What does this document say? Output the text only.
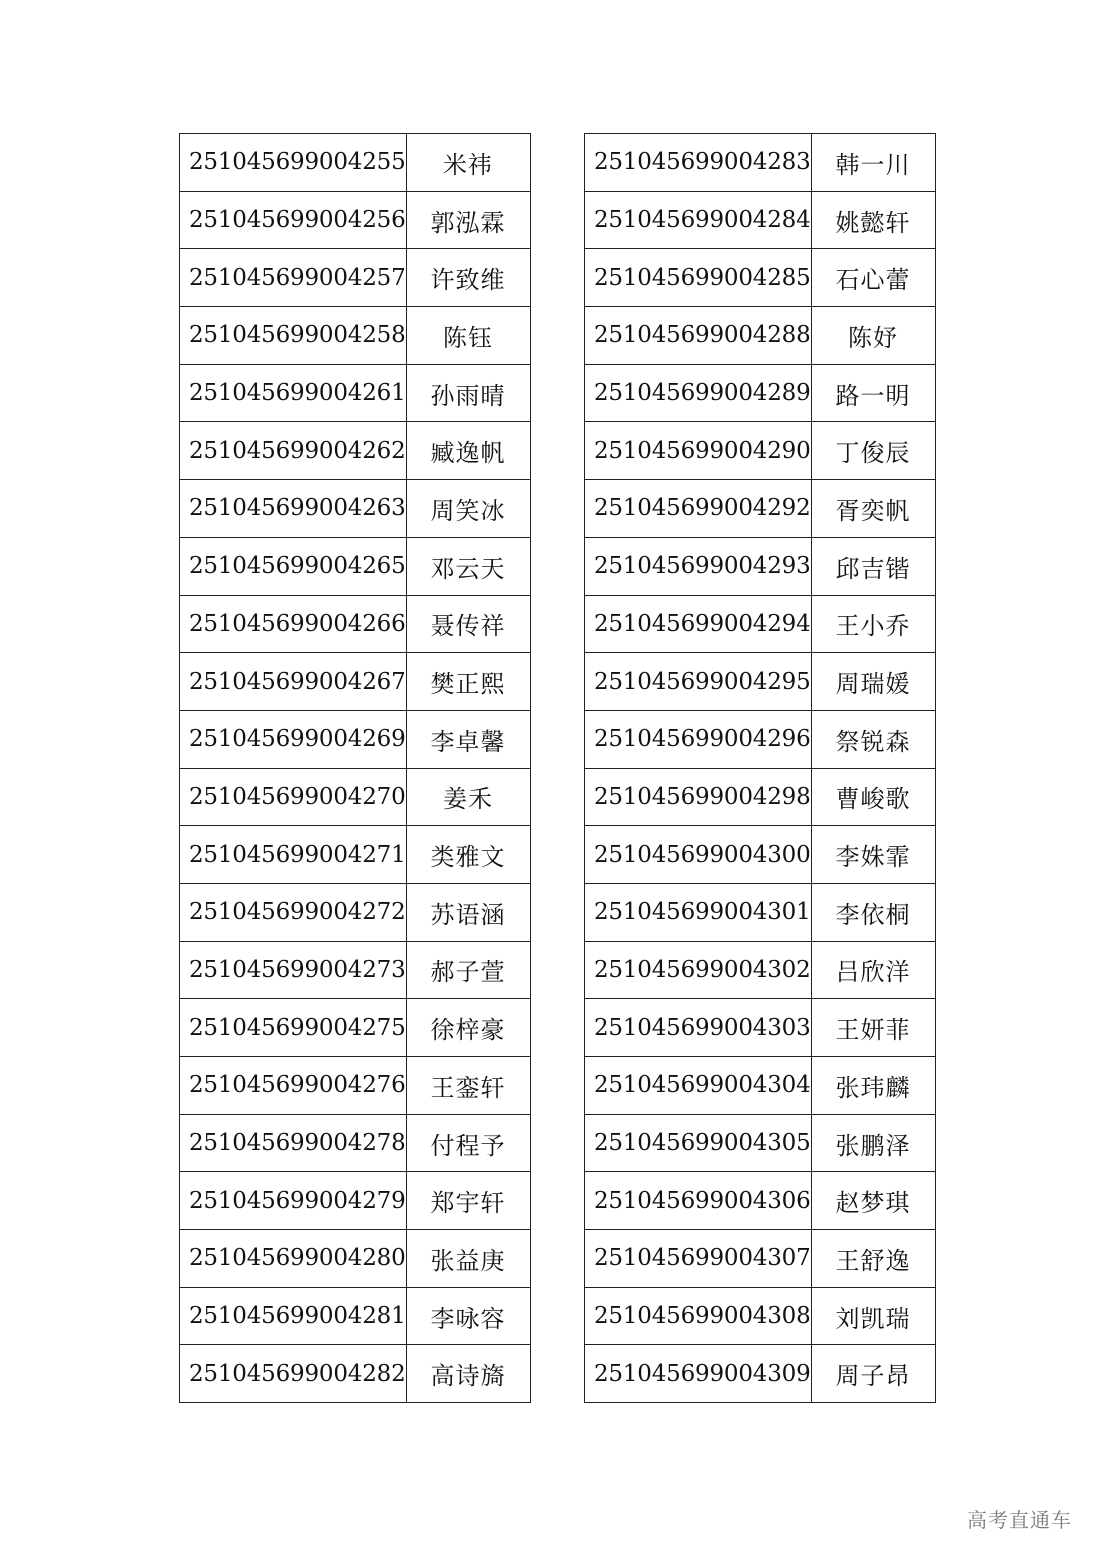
251045699004255	米祎
251045699004256	郭泓霖
251045699004257	许致维
251045699004258	陈钰
251045699004261	孙雨晴
251045699004262	臧逸帆
251045699004263	周笑冰
251045699004265	邓云天
251045699004266	聂传祥
251045699004267	樊正熙
251045699004269	李卓馨
251045699004270	姜禾
251045699004271	类雅文
251045699004272	苏语涵
251045699004273	郝子萱
251045699004275	徐梓豪
251045699004276	王銮轩
251045699004278	付程予
251045699004279	郑宇轩
251045699004280	张益庚
251045699004281	李咏容
251045699004282	高诗旖
251045699004283	韩一川
251045699004284	姚懿轩
251045699004285	石心蕾
251045699004288	陈妤
251045699004289	路一明
251045699004290	丁俊辰
251045699004292	胥奕帆
251045699004293	邱吉锴
251045699004294	王小乔
251045699004295	周瑞媛
251045699004296	祭锐森
251045699004298	曹峻歌
251045699004300	李姝霏
251045699004301	李依桐
251045699004302	吕欣洋
251045699004303	王妍菲
251045699004304	张玮麟
251045699004305	张鹏泽
251045699004306	赵梦琪
251045699004307	王舒逸
251045699004308	刘凯瑞
251045699004309	周子昂
高考直通车
